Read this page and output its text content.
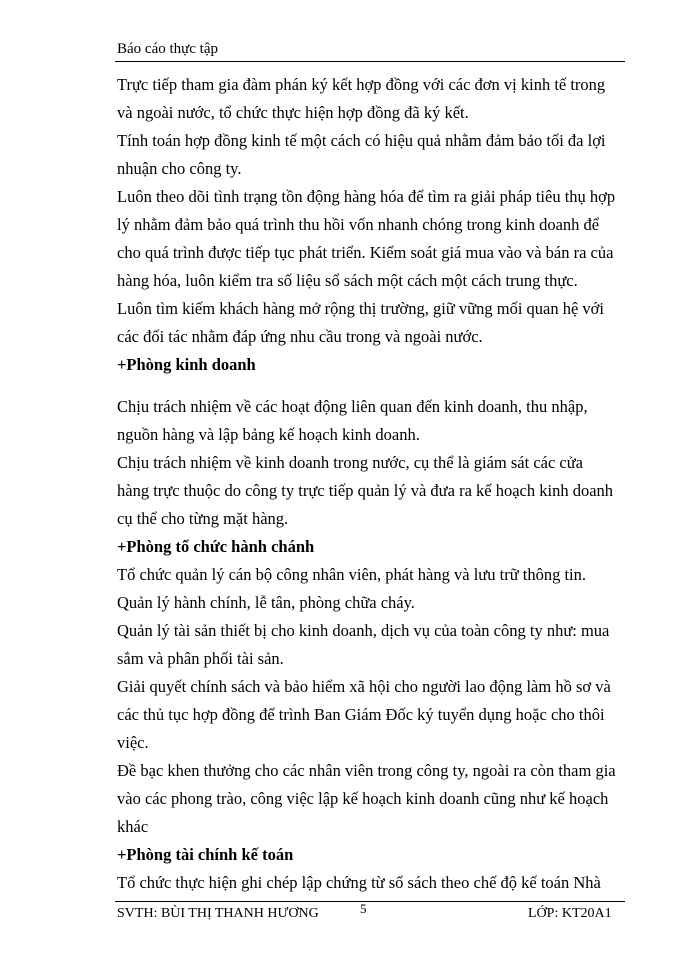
Báo cáo thực tập

Trực tiếp tham gia đàm phán ký kết hợp đồng với các đơn vị kinh tế trong

và ngoài nước, tổ chức thực hiện hợp đồng đã ký kết.

Tính toán hợp đồng kinh tế một cách có hiệu quả nhằm đảm bảo tối đa lợi

nhuận cho công ty.

Luôn theo dõi tình trạng tồn động hàng hóa để tìm ra giải pháp tiêu thụ hợp

lý nhằm đảm bảo quá trình thu hồi vốn nhanh chóng trong kinh doanh để

cho quá trình được tiếp tục phát triển. Kiểm soát giá mua vào và bán ra của

hàng hóa, luôn kiểm tra số liệu sổ sách một cách một cách trung thực.

Luôn tìm kiếm khách hàng mở rộng thị trường, giữ vững mối quan hệ với

các đối tác nhằm đáp ứng nhu cầu trong và ngoài nước.

+Phòng kinh doanh

Chịu trách nhiệm về các hoạt động liên quan đến kinh doanh, thu nhập,

nguồn hàng và lập bảng kế hoạch kinh doanh.

Chịu trách nhiệm về kinh doanh trong nước, cụ thể là giám sát các cửa

hàng trực thuộc do công ty trực tiếp quản lý và đưa ra kế hoạch kinh doanh

cụ thể cho từng mặt hàng.

+Phòng tổ chức hành chánh

Tổ chức quản lý cán bộ công nhân viên, phát hàng và lưu trữ thông tin.

Quản lý hành chính, lễ tân, phòng chữa cháy.

Quản lý tài sản thiết bị cho kinh doanh, dịch vụ của toàn công ty như: mua

sắm và phân phối tài sản.

Giải quyết chính sách và bảo hiểm xã hội cho người lao động làm hồ sơ và

các thủ tục hợp đồng để trình Ban Giám Đốc ký tuyển dụng hoặc cho thôi

việc.

Đề bạc khen thưởng cho các nhân viên trong công ty, ngoài ra còn tham gia

vào các phong trào, công việc lập kế hoạch kinh doanh cũng như kế hoạch

khác

+Phòng tài chính kế toán

Tổ chức thực hiện ghi chép lập chứng từ sổ sách theo chế độ kế toán Nhà

SVTH: BÙI THỊ THANH HƯƠNG	5	LỚP: KT20A1
